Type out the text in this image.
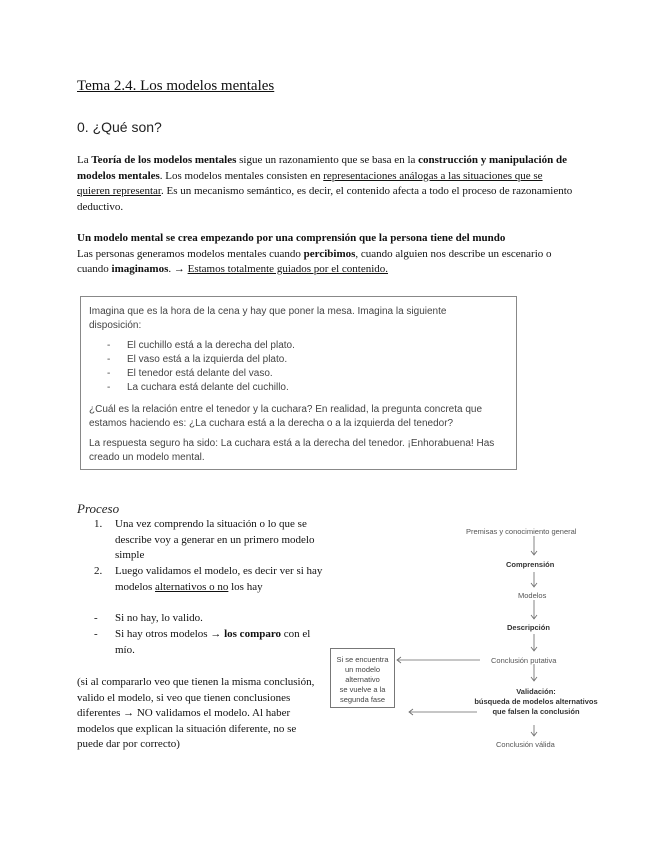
Tema 2.4. Los modelos mentales
0. ¿Qué son?
La Teoría de los modelos mentales sigue un razonamiento que se basa en la construcción y manipulación de modelos mentales. Los modelos mentales consisten en representaciones análogas a las situaciones que se quieren representar. Es un mecanismo semántico, es decir, el contenido afecta a todo el proceso de razonamiento deductivo.
Un modelo mental se crea empezando por una comprensión que la persona tiene del mundo
Las personas generamos modelos mentales cuando percibimos, cuando alguien nos describe un escenario o cuando imaginamos. → Estamos totalmente guiados por el contenido.
Imagina que es la hora de la cena y hay que poner la mesa. Imagina la siguiente
disposición:
- El cuchillo está a la derecha del plato.
- El vaso está a la izquierda del plato.
- El tenedor está delante del vaso.
- La cuchara está delante del cuchillo.
¿Cuál es la relación entre el tenedor y la cuchara? En realidad, la pregunta concreta que
estamos haciendo es: ¿La cuchara está a la derecha o a la izquierda del tenedor?
La respuesta seguro ha sido: La cuchara está a la derecha del tenedor. ¡Enhorabuena! Has
creado un modelo mental.
Proceso
1. Una vez comprendo la situación o lo que se describe voy a generar en un primero modelo simple
2. Luego validamos el modelo, es decir ver si hay modelos alternativos o no los hay
- Si no hay, lo valido.
- Si hay otros modelos → los comparo con el mío.
(si al compararlo veo que tienen la misma conclusión, valido el modelo, si veo que tienen conclusiones diferentes → NO validamos el modelo. Al haber modelos que explican la situación diferente, no se puede dar por correcto)
Premisas y conocimiento general
Comprensión
Modelos
Descripción
Conclusión putativa
Validación:
búsqueda de modelos alternativos
que falsen la conclusión
Conclusión válida
Si se encuentra
un modelo
alternativo
se vuelve a la
segunda fase
